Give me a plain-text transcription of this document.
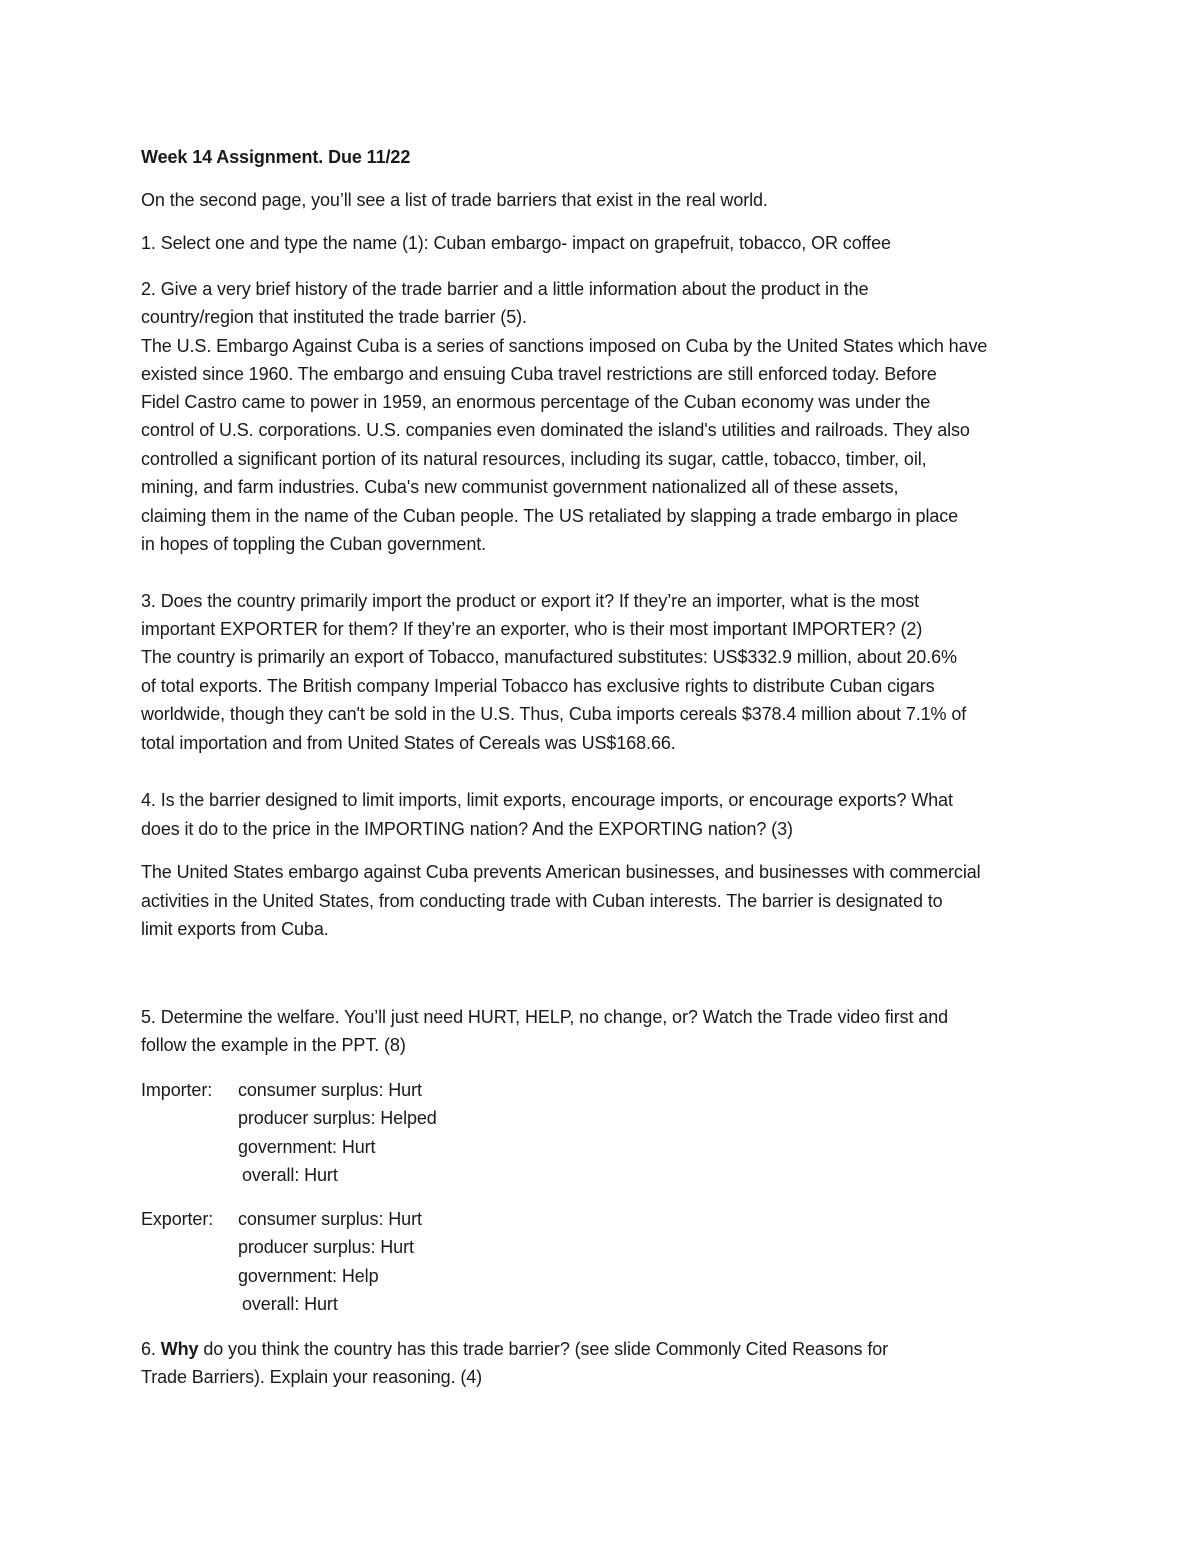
Week 14 Assignment. Due 11/22
On the second page, you’ll see a list of trade barriers that exist in the real world.
1. Select one and type the name (1): Cuban embargo- impact on grapefruit, tobacco, OR coffee
2. Give a very brief history of the trade barrier and a little information about the product in the
country/region that instituted the trade barrier (5).
The U.S. Embargo Against Cuba is a series of sanctions imposed on Cuba by the United States which have
existed since 1960. The embargo and ensuing Cuba travel restrictions are still enforced today. Before
Fidel Castro came to power in 1959, an enormous percentage of the Cuban economy was under the
control of U.S. corporations. U.S. companies even dominated the island's utilities and railroads. They also
controlled a significant portion of its natural resources, including its sugar, cattle, tobacco, timber, oil,
mining, and farm industries. Cuba's new communist government nationalized all of these assets,
claiming them in the name of the Cuban people. The US retaliated by slapping a trade embargo in place
in hopes of toppling the Cuban government.
3. Does the country primarily import the product or export it? If they’re an importer, what is the most
important EXPORTER for them? If they’re an exporter, who is their most important IMPORTER? (2)
The country is primarily an export of Tobacco, manufactured substitutes: US$332.9 million, about 20.6%
of total exports. The British company Imperial Tobacco has exclusive rights to distribute Cuban cigars
worldwide, though they can't be sold in the U.S. Thus, Cuba imports cereals $378.4 million about 7.1% of
total importation and from United States of Cereals was US$168.66.
4. Is the barrier designed to limit imports, limit exports, encourage imports, or encourage exports? What
does it do to the price in the IMPORTING nation? And the EXPORTING nation? (3)
The United States embargo against Cuba prevents American businesses, and businesses with commercial
activities in the United States, from conducting trade with Cuban interests. The barrier is designated to
limit exports from Cuba.
5. Determine the welfare. You’ll just need HURT, HELP, no change, or? Watch the Trade video first and
follow the example in the PPT. (8)
Importer: consumer surplus: Hurt
producer surplus: Helped
government: Hurt
overall: Hurt
Exporter: consumer surplus: Hurt
producer surplus: Hurt
government: Help
overall: Hurt
6. Why do you think the country has this trade barrier? (see slide Commonly Cited Reasons for
Trade Barriers). Explain your reasoning. (4)
